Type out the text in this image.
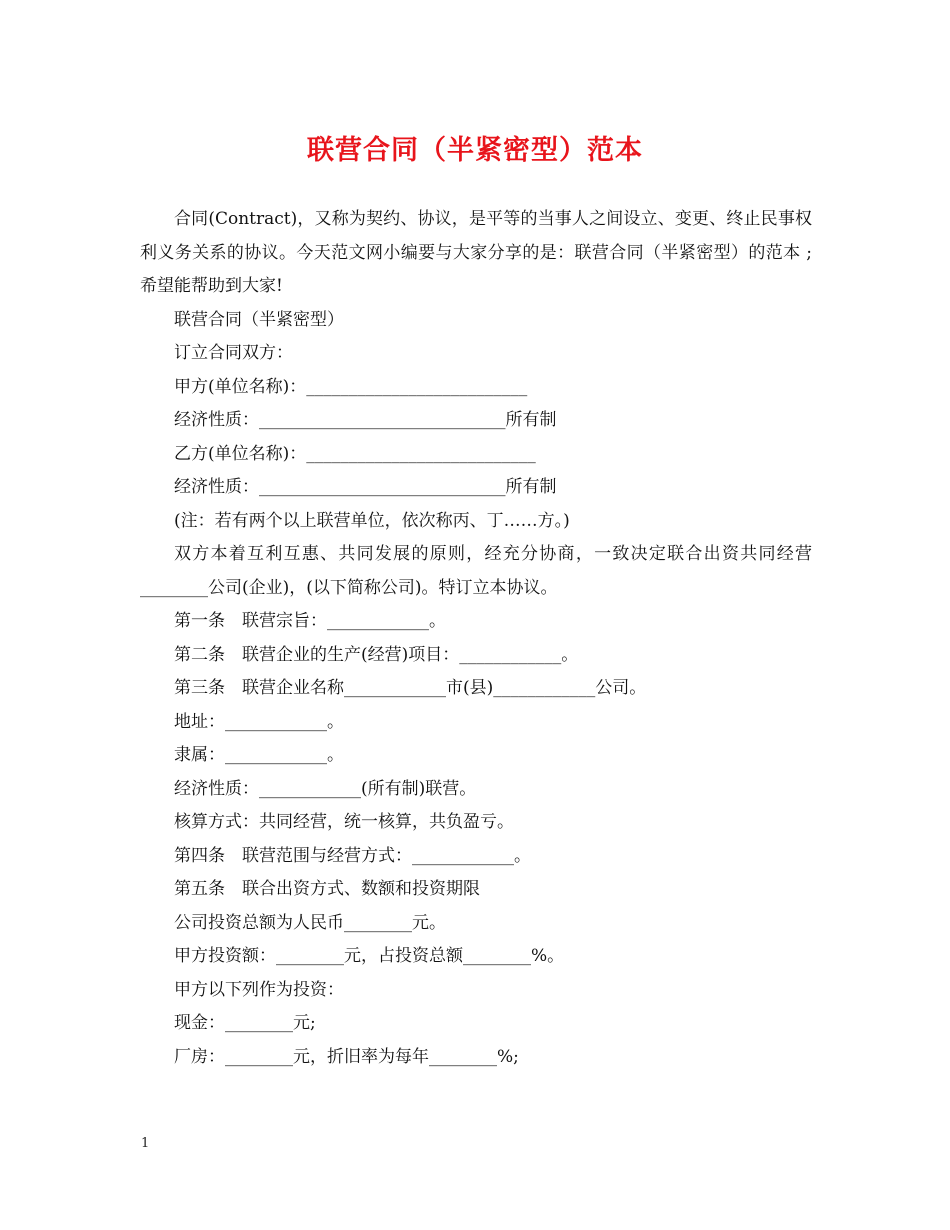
联营合同（半紧密型）范本

合同(Contract)，又称为契约、协议，是平等的当事人之间设立、变更、终止民事权利义务关系的协议。今天范文网小编要与大家分享的是：联营合同（半紧密型）的范本 ;希望能帮助到大家!

联营合同（半紧密型）

订立合同双方：

甲方(单位名称)：__________________________

经济性质：_____________________________所有制

乙方(单位名称)：___________________________

经济性质：_____________________________所有制

(注：若有两个以上联营单位，依次称丙、丁……方。)

双方本着互利互惠、共同发展的原则，经充分协商，一致决定联合出资共同经营________公司(企业)，(以下简称公司)。特订立本协议。

第一条　联营宗旨：____________。

第二条　联营企业的生产(经营)项目：____________。

第三条　联营企业名称____________市(县)____________公司。

地址：____________。

隶属：____________。

经济性质：____________(所有制)联营。

核算方式：共同经营，统一核算，共负盈亏。

第四条　联营范围与经营方式：____________。

第五条　联合出资方式、数额和投资期限

公司投资总额为人民币________元。

甲方投资额：________元，占投资总额________%。

甲方以下列作为投资：

现金：________元;

厂房：________元，折旧率为每年________%;

1
